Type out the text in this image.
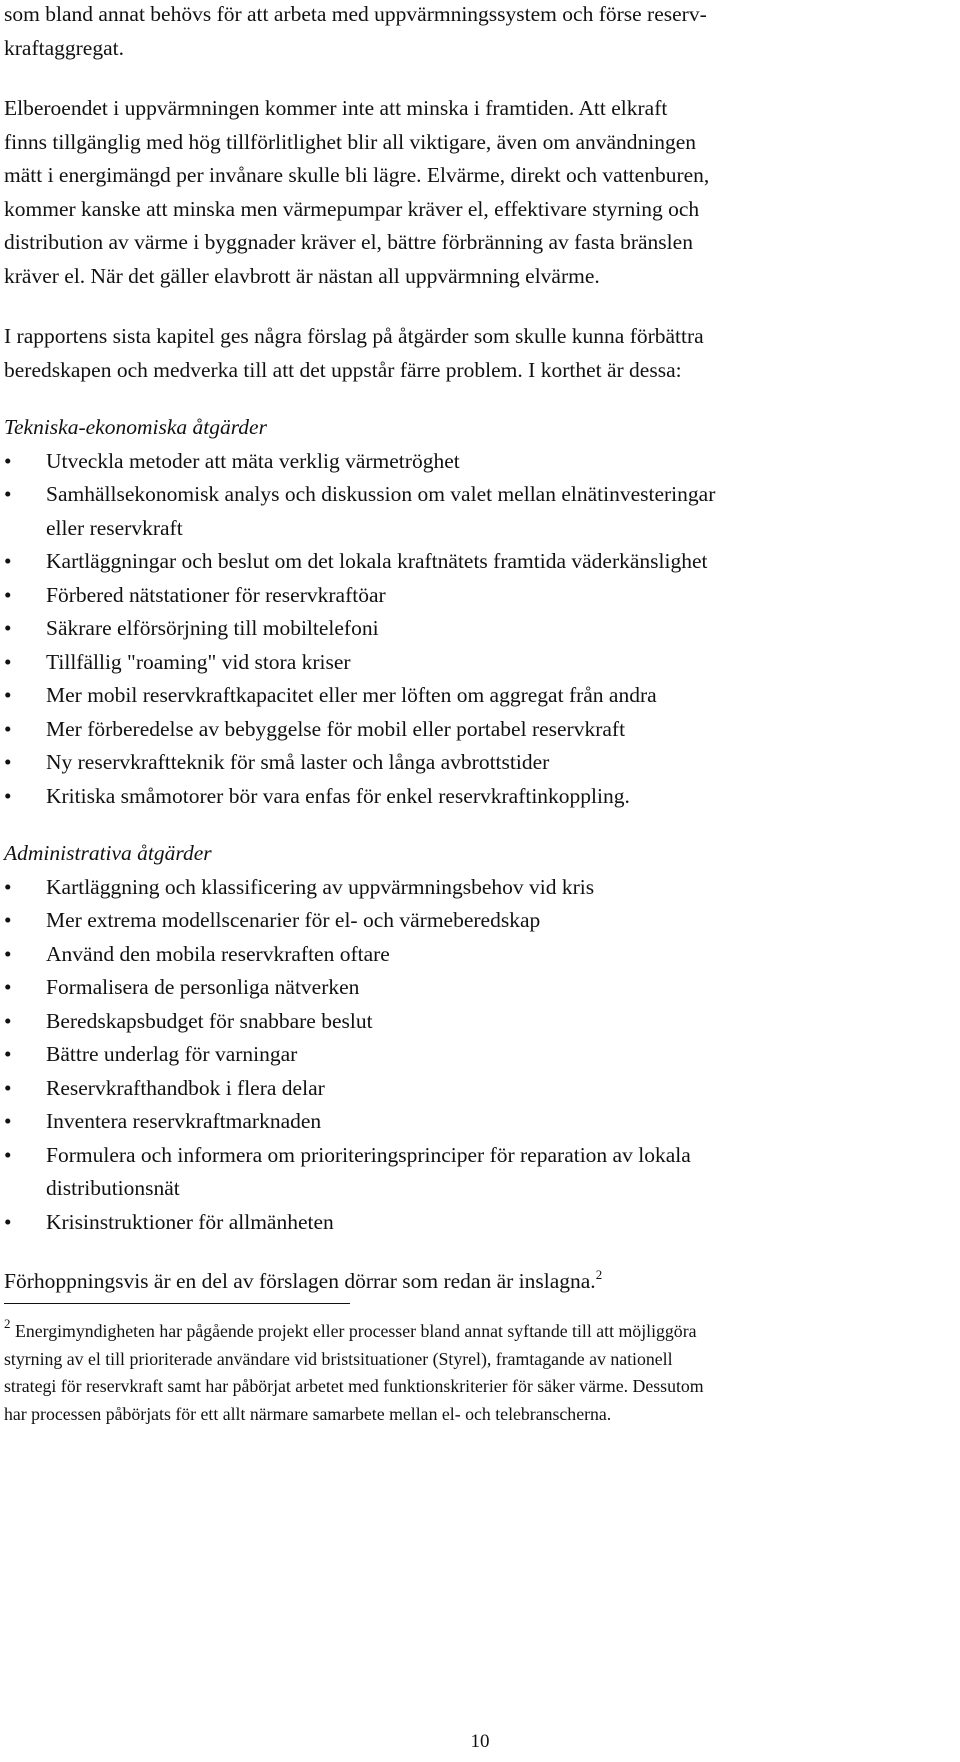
som bland annat behövs för att arbeta med uppvärmningssystem och förse reserv-
kraftaggregat.

Elberoendet i uppvärmningen kommer inte att minska i framtiden. Att elkraft
finns tillgänglig med hög tillförlitlighet blir all viktigare, även om användningen
mätt i energimängd per invånare skulle bli lägre. Elvärme, direkt och vattenburen,
kommer kanske att minska men värmepumpar kräver el, effektivare styrning och
distribution av värme i byggnader kräver el, bättre förbränning av fasta bränslen
kräver el. När det gäller elavbrott är nästan all uppvärmning elvärme.

I rapportens sista kapitel ges några förslag på åtgärder som skulle kunna förbättra
beredskapen och medverka till att det uppstår färre problem. I korthet är dessa:

Tekniska-ekonomiska åtgärder

•	Utveckla metoder att mäta verklig värmetröghet
•	Samhällsekonomisk analys och diskussion om valet mellan elnätinvesteringar
eller reservkraft
•	Kartläggningar och beslut om det lokala kraftnätets framtida väderkänslighet
•	Förbered nätstationer för reservkraftöar
•	Säkrare elförsörjning till mobiltelefoni
•	Tillfällig "roaming" vid stora kriser
•	Mer mobil reservkraftkapacitet eller mer löften om aggregat från andra
•	Mer förberedelse av bebyggelse för mobil eller portabel reservkraft
•	Ny reservkraftteknik för små laster och långa avbrottstider
•	Kritiska småmotorer bör vara enfas för enkel reservkraftinkoppling.

Administrativa åtgärder

•	Kartläggning och klassificering av uppvärmningsbehov vid kris
•	Mer extrema modellscenarier för el- och värmeberedskap
•	Använd den mobila reservkraften oftare
•	Formalisera de personliga nätverken
•	Beredskapsbudget för snabbare beslut
•	Bättre underlag för varningar
•	Reservkrafthandbok i flera delar
•	Inventera reservkraftmarknaden
•	Formulera och informera om prioriteringsprinciper för reparation av lokala
distributionsnät
•	Krisinstruktioner för allmänheten

Förhoppningsvis är en del av förslagen dörrar som redan är inslagna.$^2$

$^2$ Energimyndigheten har pågående projekt eller processer bland annat syftande till att möjliggöra
styrning av el till prioriterade användare vid bristsituationer (Styrel), framtagande av nationell
strategi för reservkraft samt har påbörjat arbetet med funktionskriterier för säker värme. Dessutom
har processen påbörjats för ett allt närmare samarbete mellan el- och telebranscherna.
10
